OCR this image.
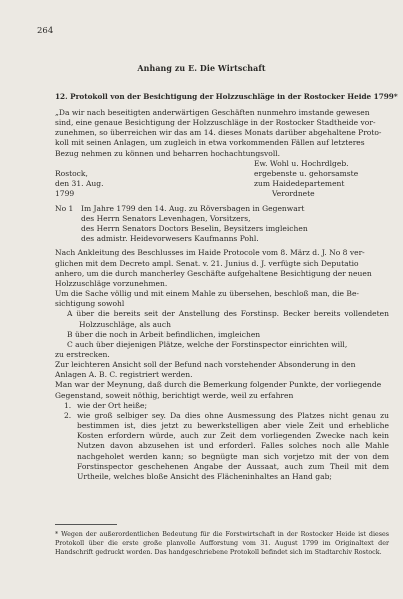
264
Anhang zu E. Die Wirtschaft
12. Protokoll von der Besichtigung der Holzzuschläge in der Rostocker Heide 1799*
„Da wir nach beseitigten anderwärtigen Geschäften nunmehro imstande gewesen
sind, eine genaue Besichtigung der Holzzuschläge in der Rostocker Stadtheide vor-
zunehmen, so überreichen wir das am 14. dieses Monats darüber abgehaltene Proto-
koll mit seinen Anlagen, um zugleich in etwa vorkommenden Fällen auf letzteres
Bezug nehmen zu können und beharren hochachtungsvoll.
Ew. Wohl u. Hochrdlgeb.
ergebenste u. gehorsamste
zum Haidedepartement
Verordnete
Rostock,
den 31. Aug.
1799
No 1 Im Jahre 1799 den 14. Aug. zu Röversbagen in Gegenwart
des Herrn Senators Levenhagen, Vorsitzers,
des Herrn Senators Doctors Beselin, Beysitzers imgleichen
des admistr. Heidevorwesers Kaufmanns Pohl.
Nach Ankleitung des Beschlusses im Haide Protocole vom 8. März d. J. No 8 ver-
glichen mit dem Decreto ampl. Senat. v. 21. Junius d. J. verfügte sich Deputatio
anhero, um die durch mancherley Geschäfte aufgehaltene Besichtigung der neuen
Holzzuschläge vorzunehmen.
Um die Sache völlig und mit einem Mahle zu übersehen, beschloß man, die Be-
sichtigung sowohl
A über die bereits seit der Anstellung des Forstinsp. Becker bereits vollendeten Holzzuschläge, als auch
B über die noch in Arbeit befindlichen, imgleichen
C auch über diejenigen Plätze, welche der Forstinspector einrichten will,
zu erstrecken.
Zur leichteren Ansicht soll der Befund nach vorstehender Absonderung in den
Anlagen A. B. C. registriert werden.
Man war der Meynung, daß durch die Bemerkung folgender Punkte, der vorliegende
Gegenstand, soweit nöthig, berichtigt werde, weil zu erfahren
1. wie der Ort heiße;
2. wie groß selbiger sey. Da dies ohne Ausmessung des Platzes nicht genau zu bestimmen ist, dies jetzt zu bewerkstelligen aber viele Zeit und erhebliche Kosten erfordern würde, auch zur Zeit dem vorliegenden Zwecke nach kein Nutzen davon abzusehen ist und erforderl. Falles solches noch alle Mahle nachgeholet werden kann; so begnügte man sich vorjetzo mit der von dem Forstinspector geschehenen Angabe der Aussaat, auch zum Theil mit dem Urtheile, welches bloße Ansicht des Flächeninhaltes an Hand gab;
* Wegen der außerordentlichen Bedeutung für die Forstwirtschaft in der Rostocker Heide ist dieses Protokoll über die erste große planvolle Aufforstung vom 31. August 1799 im Originaltext der Handschrift gedruckt worden. Das handgeschriebene Protokoll befindet sich im Stadtarchiv Rostock.
